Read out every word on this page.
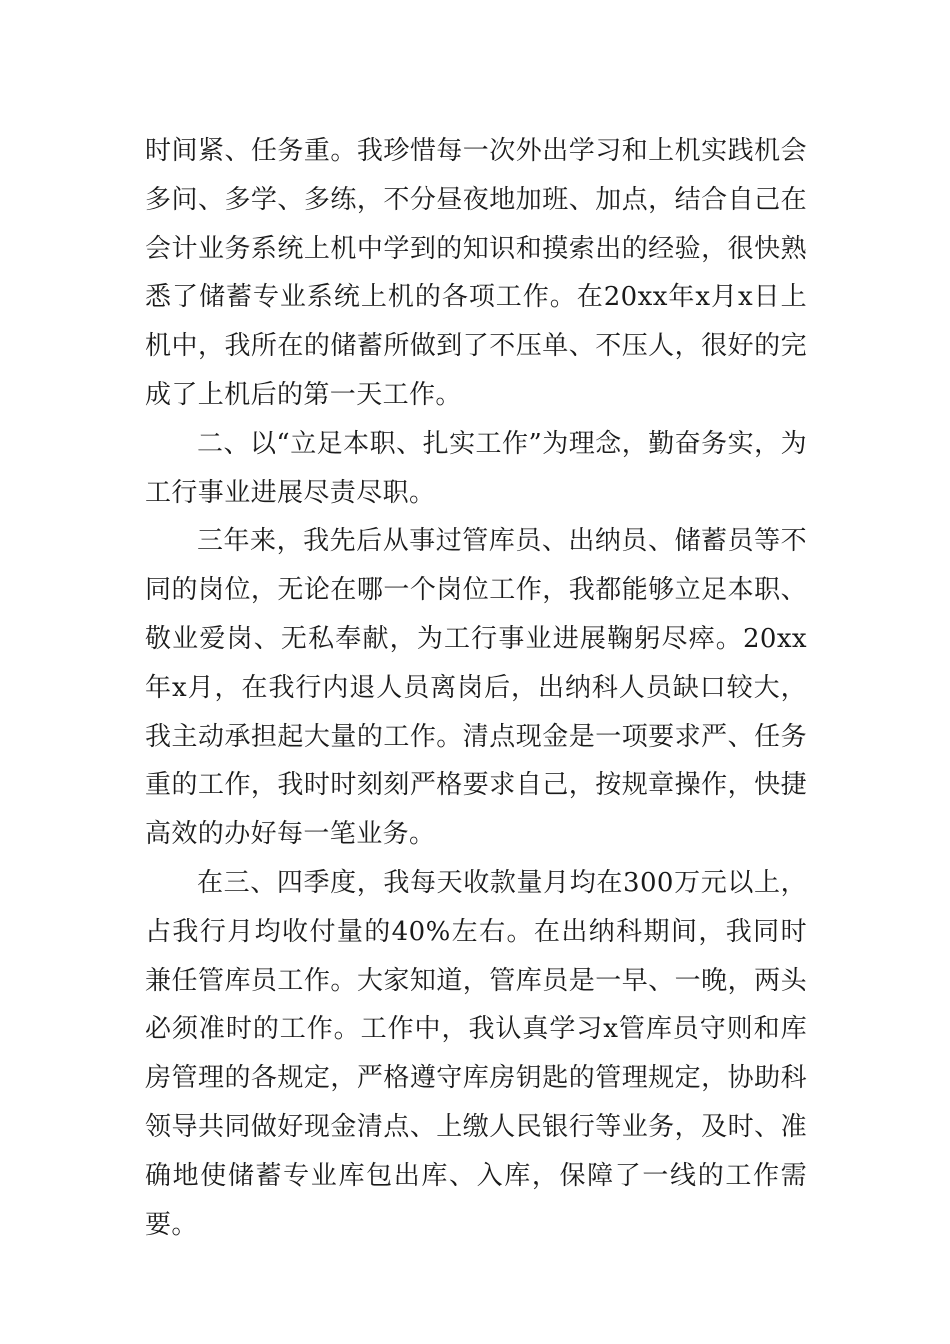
时间紧、任务重。我珍惜每一次外出学习和上机实践机会多问、多学、多练，不分昼夜地加班、加点，结合自己在会计业务系统上机中学到的知识和摸索出的经验，很快熟悉了储蓄专业系统上机的各项工作。在20xx年x月x日上机中，我所在的储蓄所做到了不压单、不压人，很好的完成了上机后的第一天工作。

二、以“立足本职、扎实工作”为理念，勤奋务实，为工行事业进展尽责尽职。

三年来，我先后从事过管库员、出纳员、储蓄员等不同的岗位，无论在哪一个岗位工作，我都能够立足本职、敬业爱岗、无私奉献，为工行事业进展鞠躬尽瘁。20xx年x月，在我行内退人员离岗后，出纳科人员缺口较大，我主动承担起大量的工作。清点现金是一项要求严、任务重的工作，我时时刻刻严格要求自己，按规章操作，快捷高效的办好每一笔业务。

在三、四季度，我每天收款量月均在300万元以上，占我行月均收付量的40%左右。在出纳科期间，我同时兼任管库员工作。大家知道，管库员是一早、一晚，两头必须准时的工作。工作中，我认真学习x管库员守则和库房管理的各规定，严格遵守库房钥匙的管理规定，协助科领导共同做好现金清点、上缴人民银行等业务，及时、准确地使储蓄专业库包出库、入库，保障了一线的工作需要。
